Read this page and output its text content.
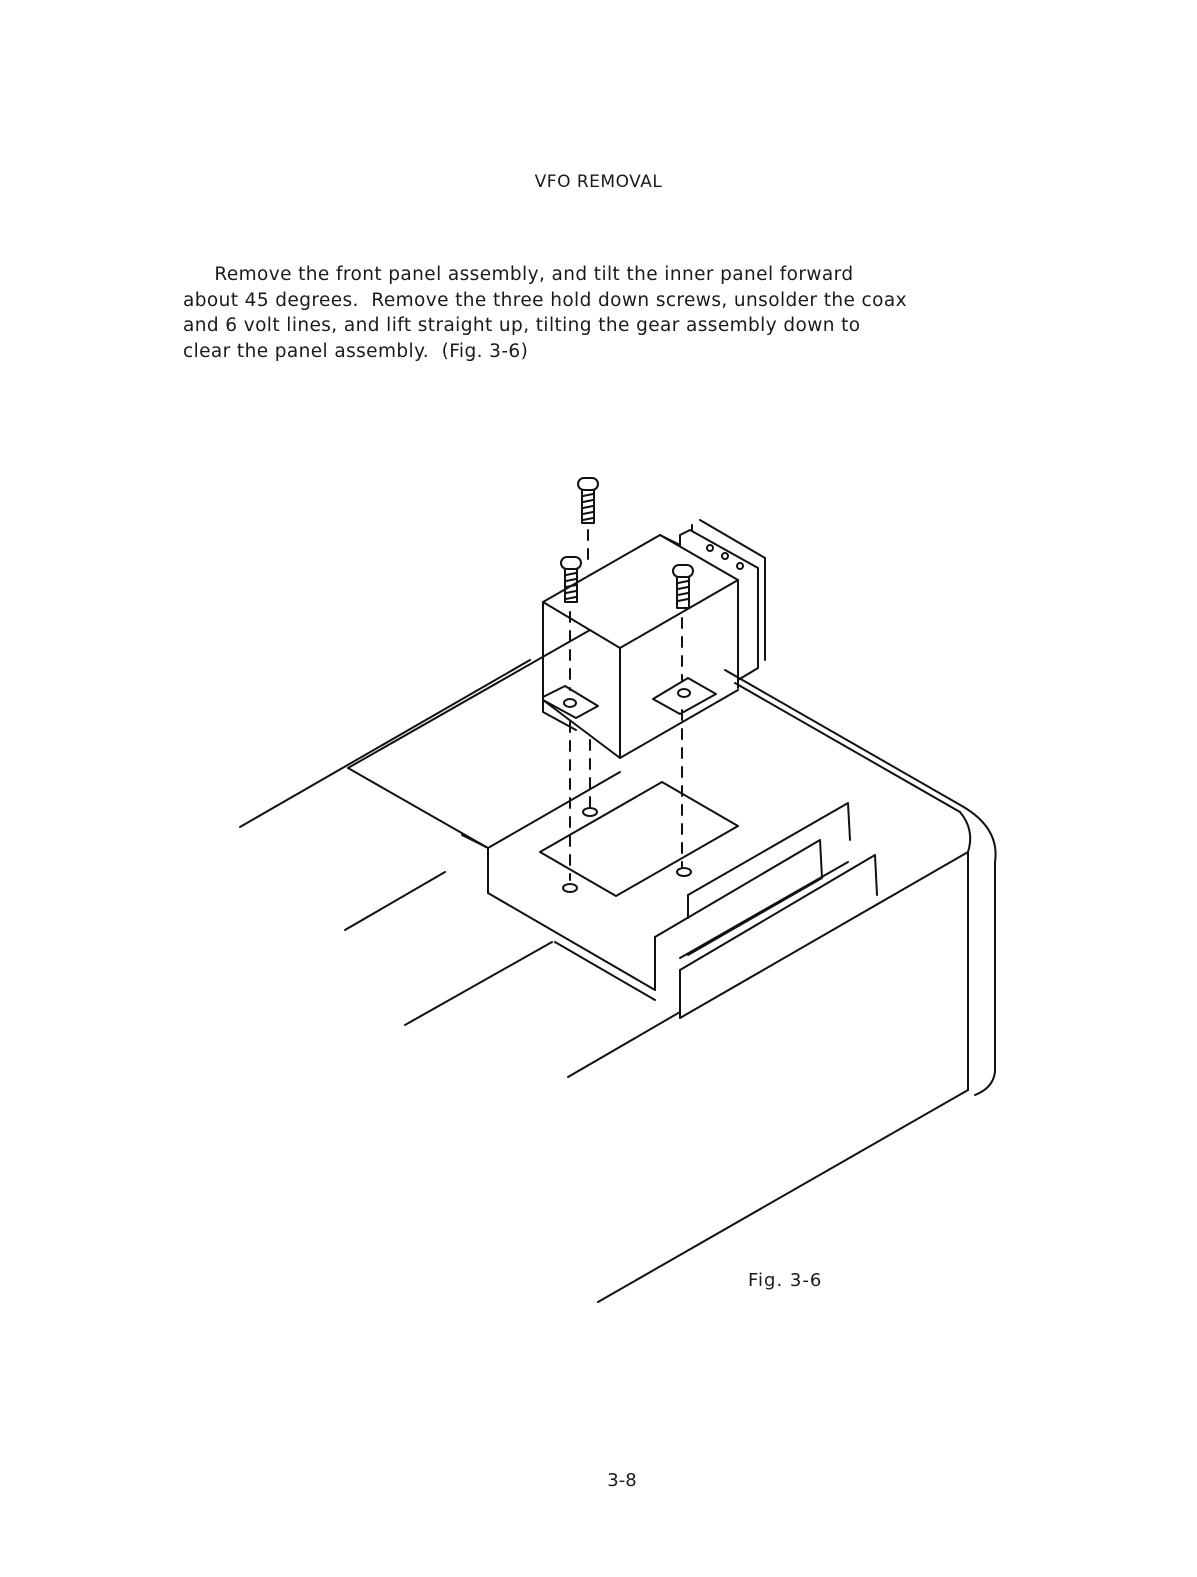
VFO REMOVAL

Remove the front panel assembly, and tilt the inner panel forward
about 45 degrees.  Remove the three hold down screws, unsolder the coax
and 6 volt lines, and lift straight up, tilting the gear assembly down to
clear the panel assembly.  (Fig. 3-6)

Fig. 3-6

3-8
